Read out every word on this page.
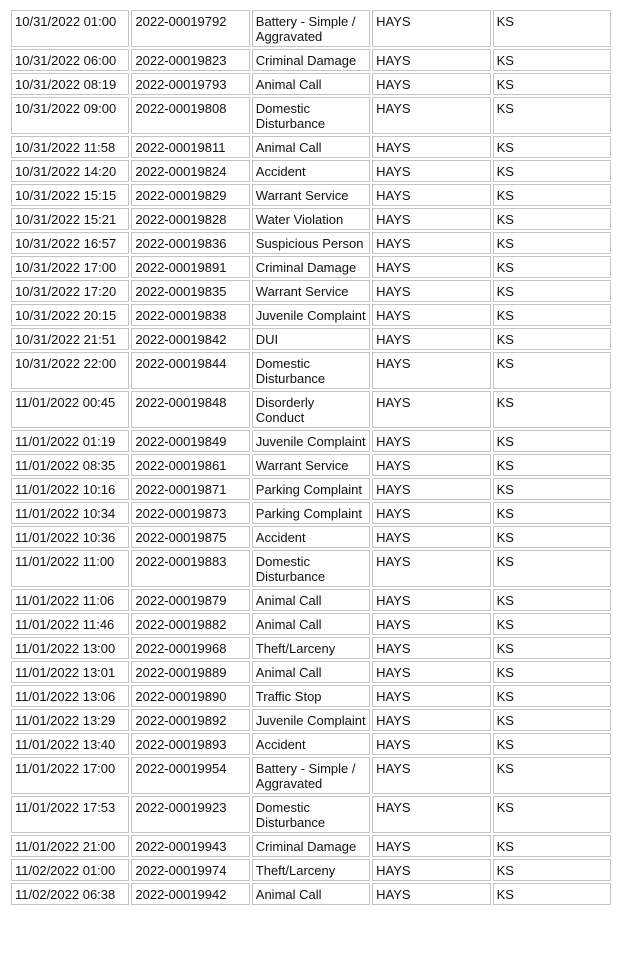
10/31/2022 01:00	2022-00019792	Battery - Simple / Aggravated	HAYS	KS
10/31/2022 06:00	2022-00019823	Criminal Damage	HAYS	KS
10/31/2022 08:19	2022-00019793	Animal Call	HAYS	KS
10/31/2022 09:00	2022-00019808	Domestic Disturbance	HAYS	KS
10/31/2022 11:58	2022-00019811	Animal Call	HAYS	KS
10/31/2022 14:20	2022-00019824	Accident	HAYS	KS
10/31/2022 15:15	2022-00019829	Warrant Service	HAYS	KS
10/31/2022 15:21	2022-00019828	Water Violation	HAYS	KS
10/31/2022 16:57	2022-00019836	Suspicious Person	HAYS	KS
10/31/2022 17:00	2022-00019891	Criminal Damage	HAYS	KS
10/31/2022 17:20	2022-00019835	Warrant Service	HAYS	KS
10/31/2022 20:15	2022-00019838	Juvenile Complaint	HAYS	KS
10/31/2022 21:51	2022-00019842	DUI	HAYS	KS
10/31/2022 22:00	2022-00019844	Domestic Disturbance	HAYS	KS
11/01/2022 00:45	2022-00019848	Disorderly Conduct	HAYS	KS
11/01/2022 01:19	2022-00019849	Juvenile Complaint	HAYS	KS
11/01/2022 08:35	2022-00019861	Warrant Service	HAYS	KS
11/01/2022 10:16	2022-00019871	Parking Complaint	HAYS	KS
11/01/2022 10:34	2022-00019873	Parking Complaint	HAYS	KS
11/01/2022 10:36	2022-00019875	Accident	HAYS	KS
11/01/2022 11:00	2022-00019883	Domestic Disturbance	HAYS	KS
11/01/2022 11:06	2022-00019879	Animal Call	HAYS	KS
11/01/2022 11:46	2022-00019882	Animal Call	HAYS	KS
11/01/2022 13:00	2022-00019968	Theft/Larceny	HAYS	KS
11/01/2022 13:01	2022-00019889	Animal Call	HAYS	KS
11/01/2022 13:06	2022-00019890	Traffic Stop	HAYS	KS
11/01/2022 13:29	2022-00019892	Juvenile Complaint	HAYS	KS
11/01/2022 13:40	2022-00019893	Accident	HAYS	KS
11/01/2022 17:00	2022-00019954	Battery - Simple / Aggravated	HAYS	KS
11/01/2022 17:53	2022-00019923	Domestic Disturbance	HAYS	KS
11/01/2022 21:00	2022-00019943	Criminal Damage	HAYS	KS
11/02/2022 01:00	2022-00019974	Theft/Larceny	HAYS	KS
11/02/2022 06:38	2022-00019942	Animal Call	HAYS	KS
